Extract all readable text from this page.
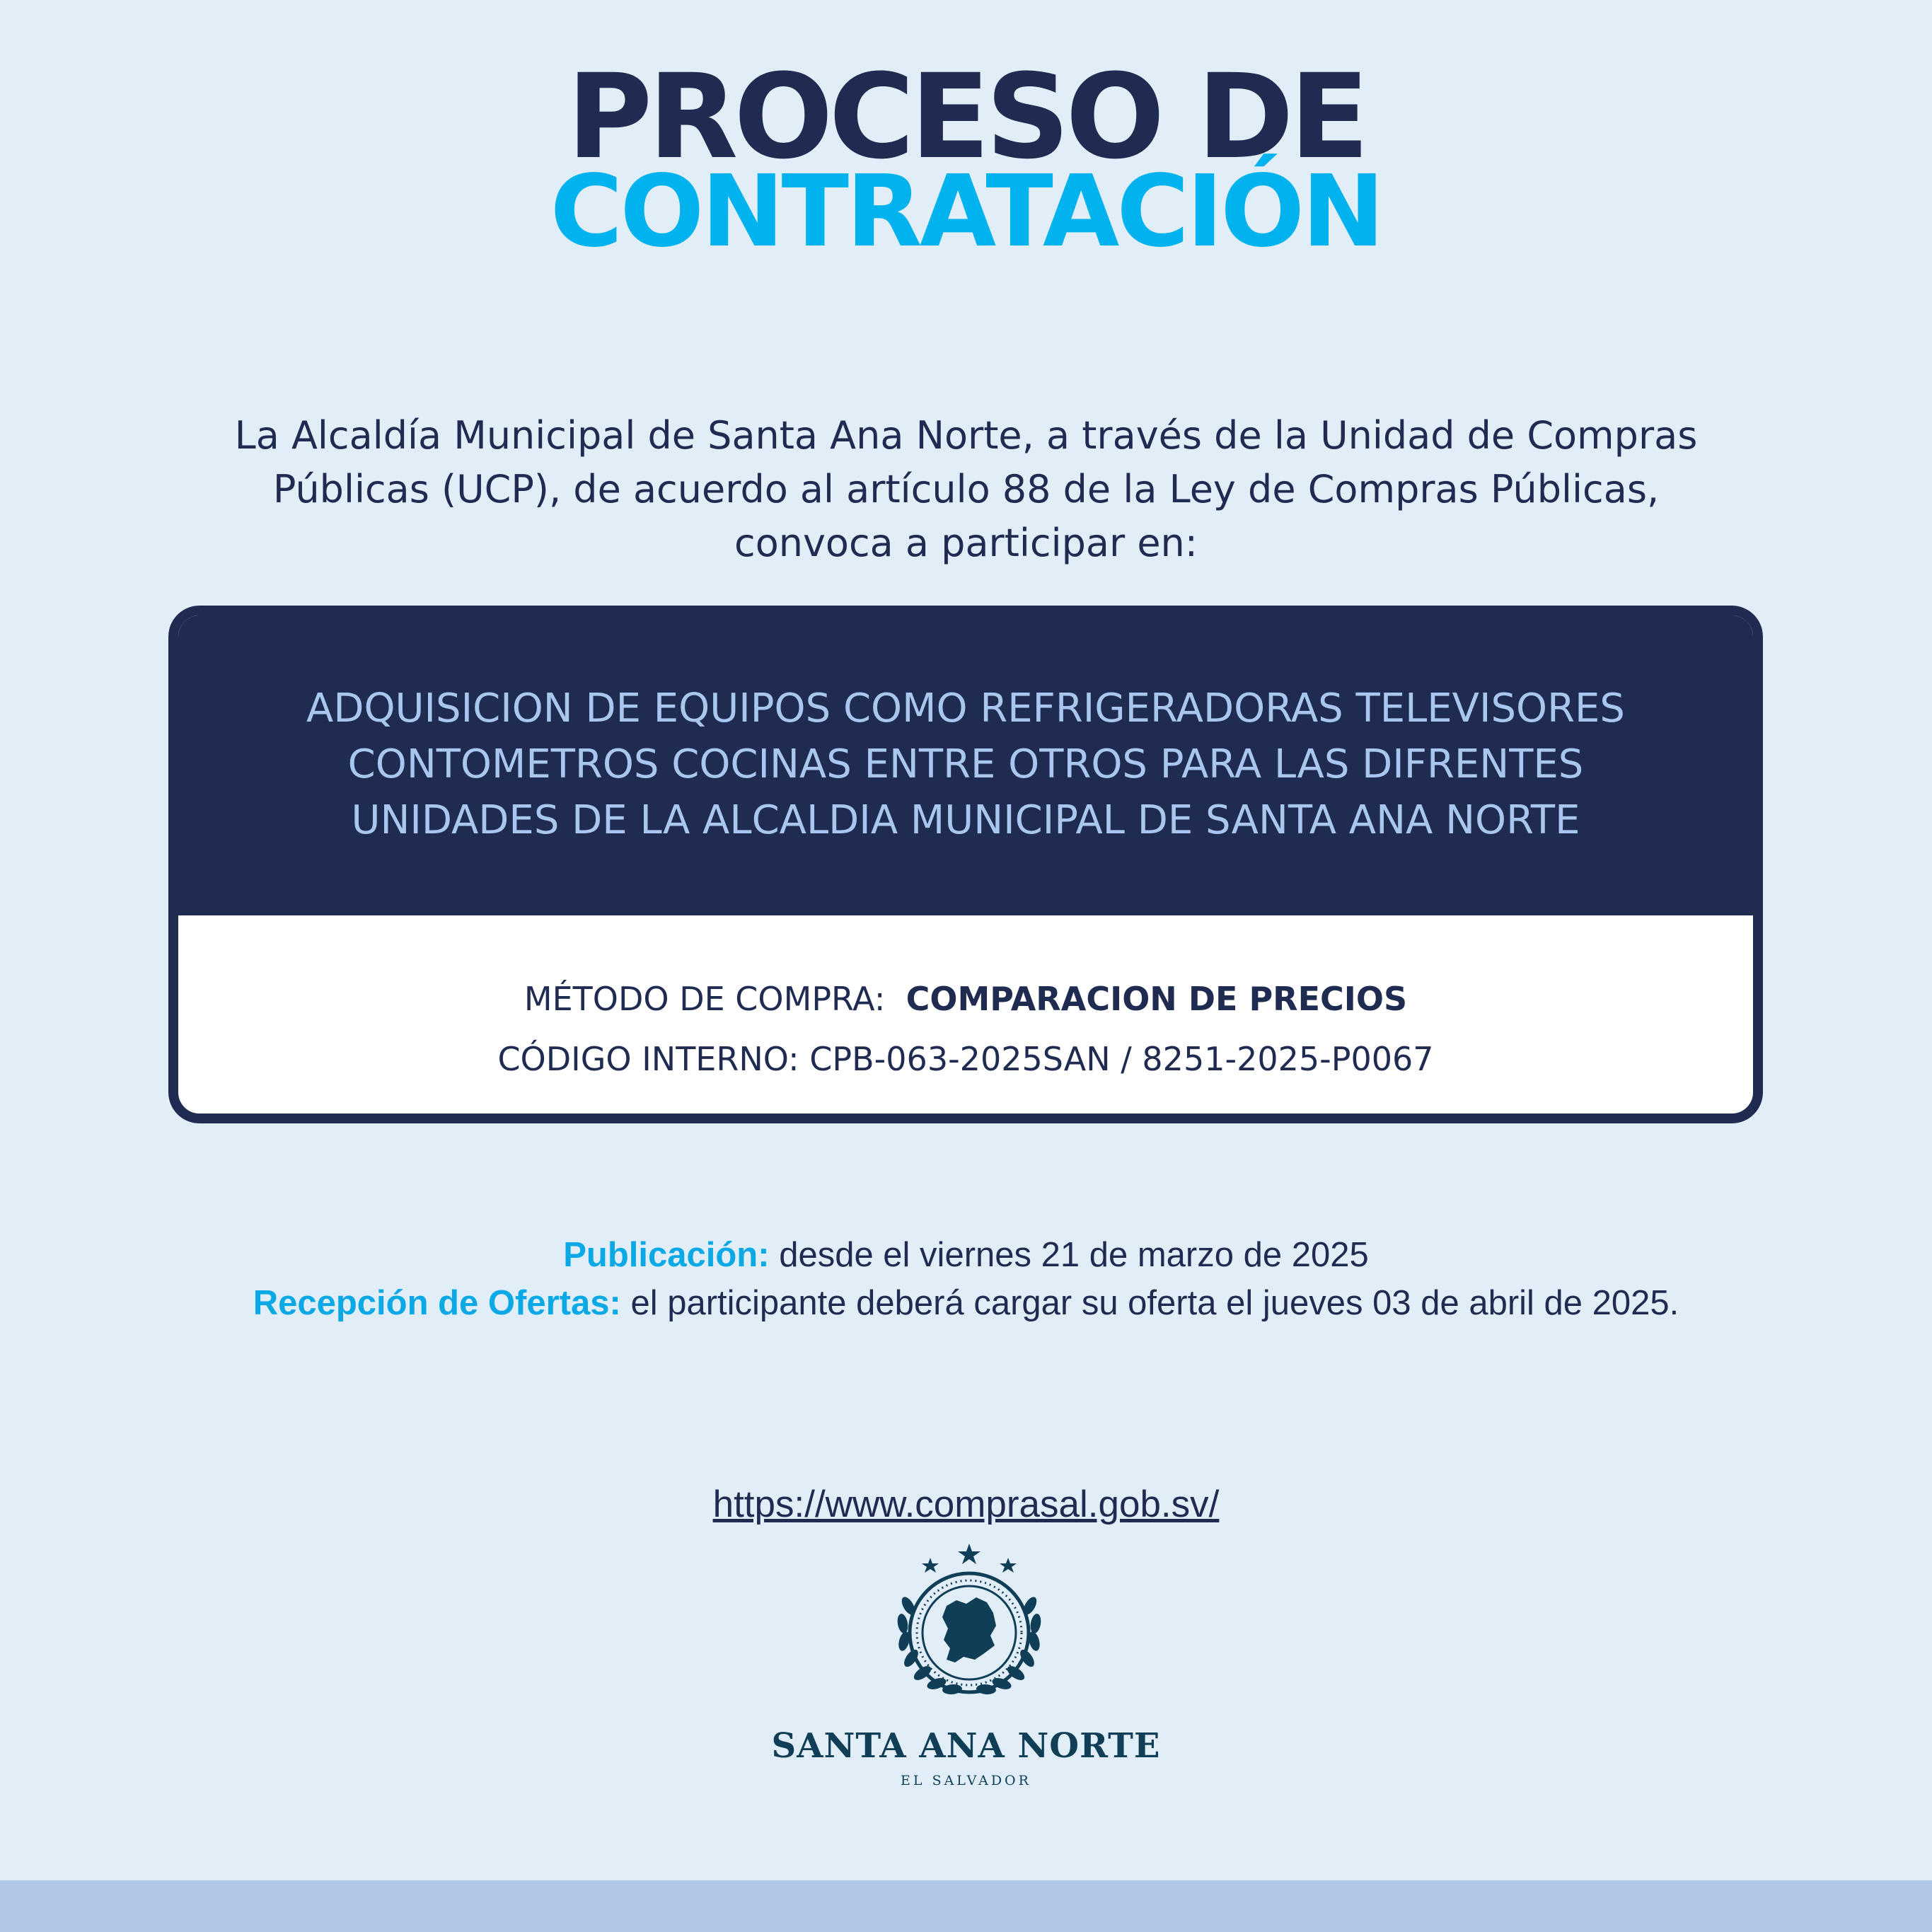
PROCESO DE
CONTRATACIÓN
La Alcaldía Municipal de Santa Ana Norte, a través de la Unidad de Compras Públicas (UCP), de acuerdo al artículo 88 de la Ley de Compras Públicas, convoca a participar en:
ADQUISICION DE EQUIPOS COMO REFRIGERADORAS TELEVISORES CONTOMETROS COCINAS ENTRE OTROS PARA LAS DIFRENTES UNIDADES DE LA ALCALDIA MUNICIPAL DE SANTA ANA NORTE
MÉTODO DE COMPRA: COMPARACION DE PRECIOS
CÓDIGO INTERNO: CPB-063-2025SAN / 8251-2025-P0067
Publicación: desde el viernes 21 de marzo de 2025
Recepción de Ofertas: el participante deberá cargar su oferta el jueves 03 de abril de 2025.
https://www.comprasal.gob.sv/
SANTA ANA NORTE
EL SALVADOR
